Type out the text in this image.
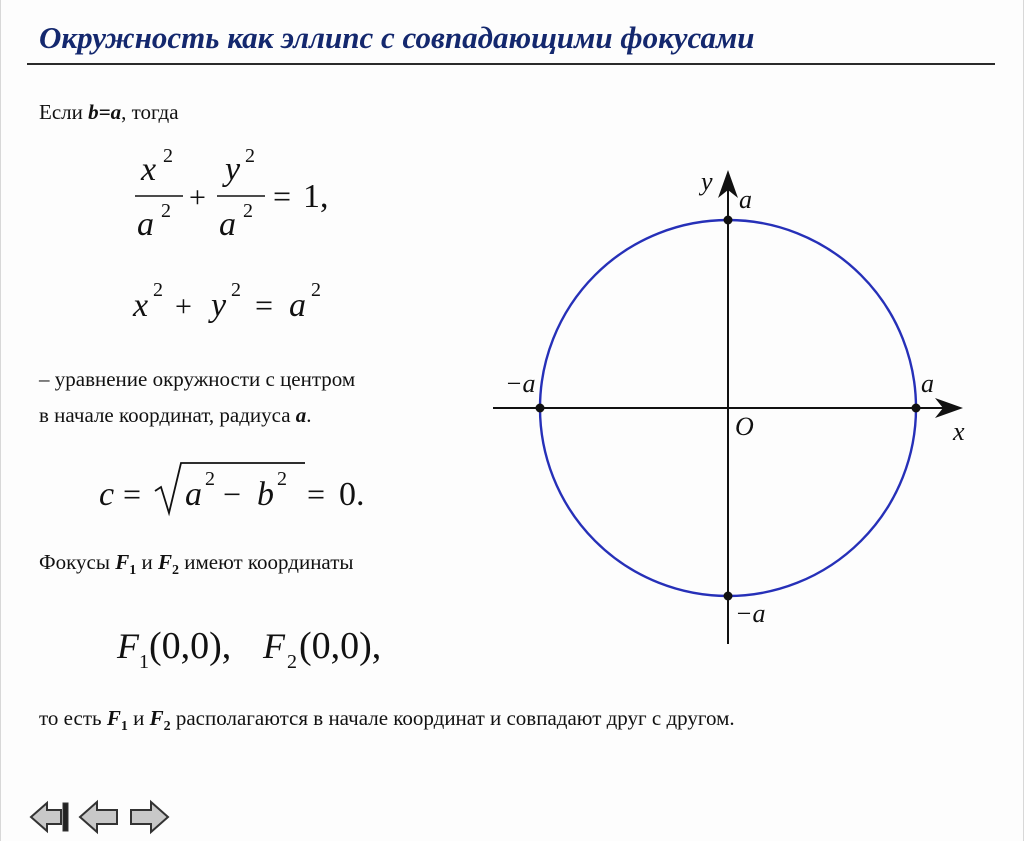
Окружность как эллипс с совпадающими фокусами
Если b=a, тогда
x 2
a 2 +
y 2
a 2 = 1,
x 2 + y 2 = a 2
– уравнение окружности с центром
в начале координат, радиуса a.
c = a 2 − b 2 = 0.
Фокусы $F_1$ и $F_2$ имеют координаты
F 1 (0,0), F 2 (0,0),
то есть $F_1$ и $F_2$ располагаются в начале координат и совпадают друг с другом.
y
x
O
a
−a
−a	a
